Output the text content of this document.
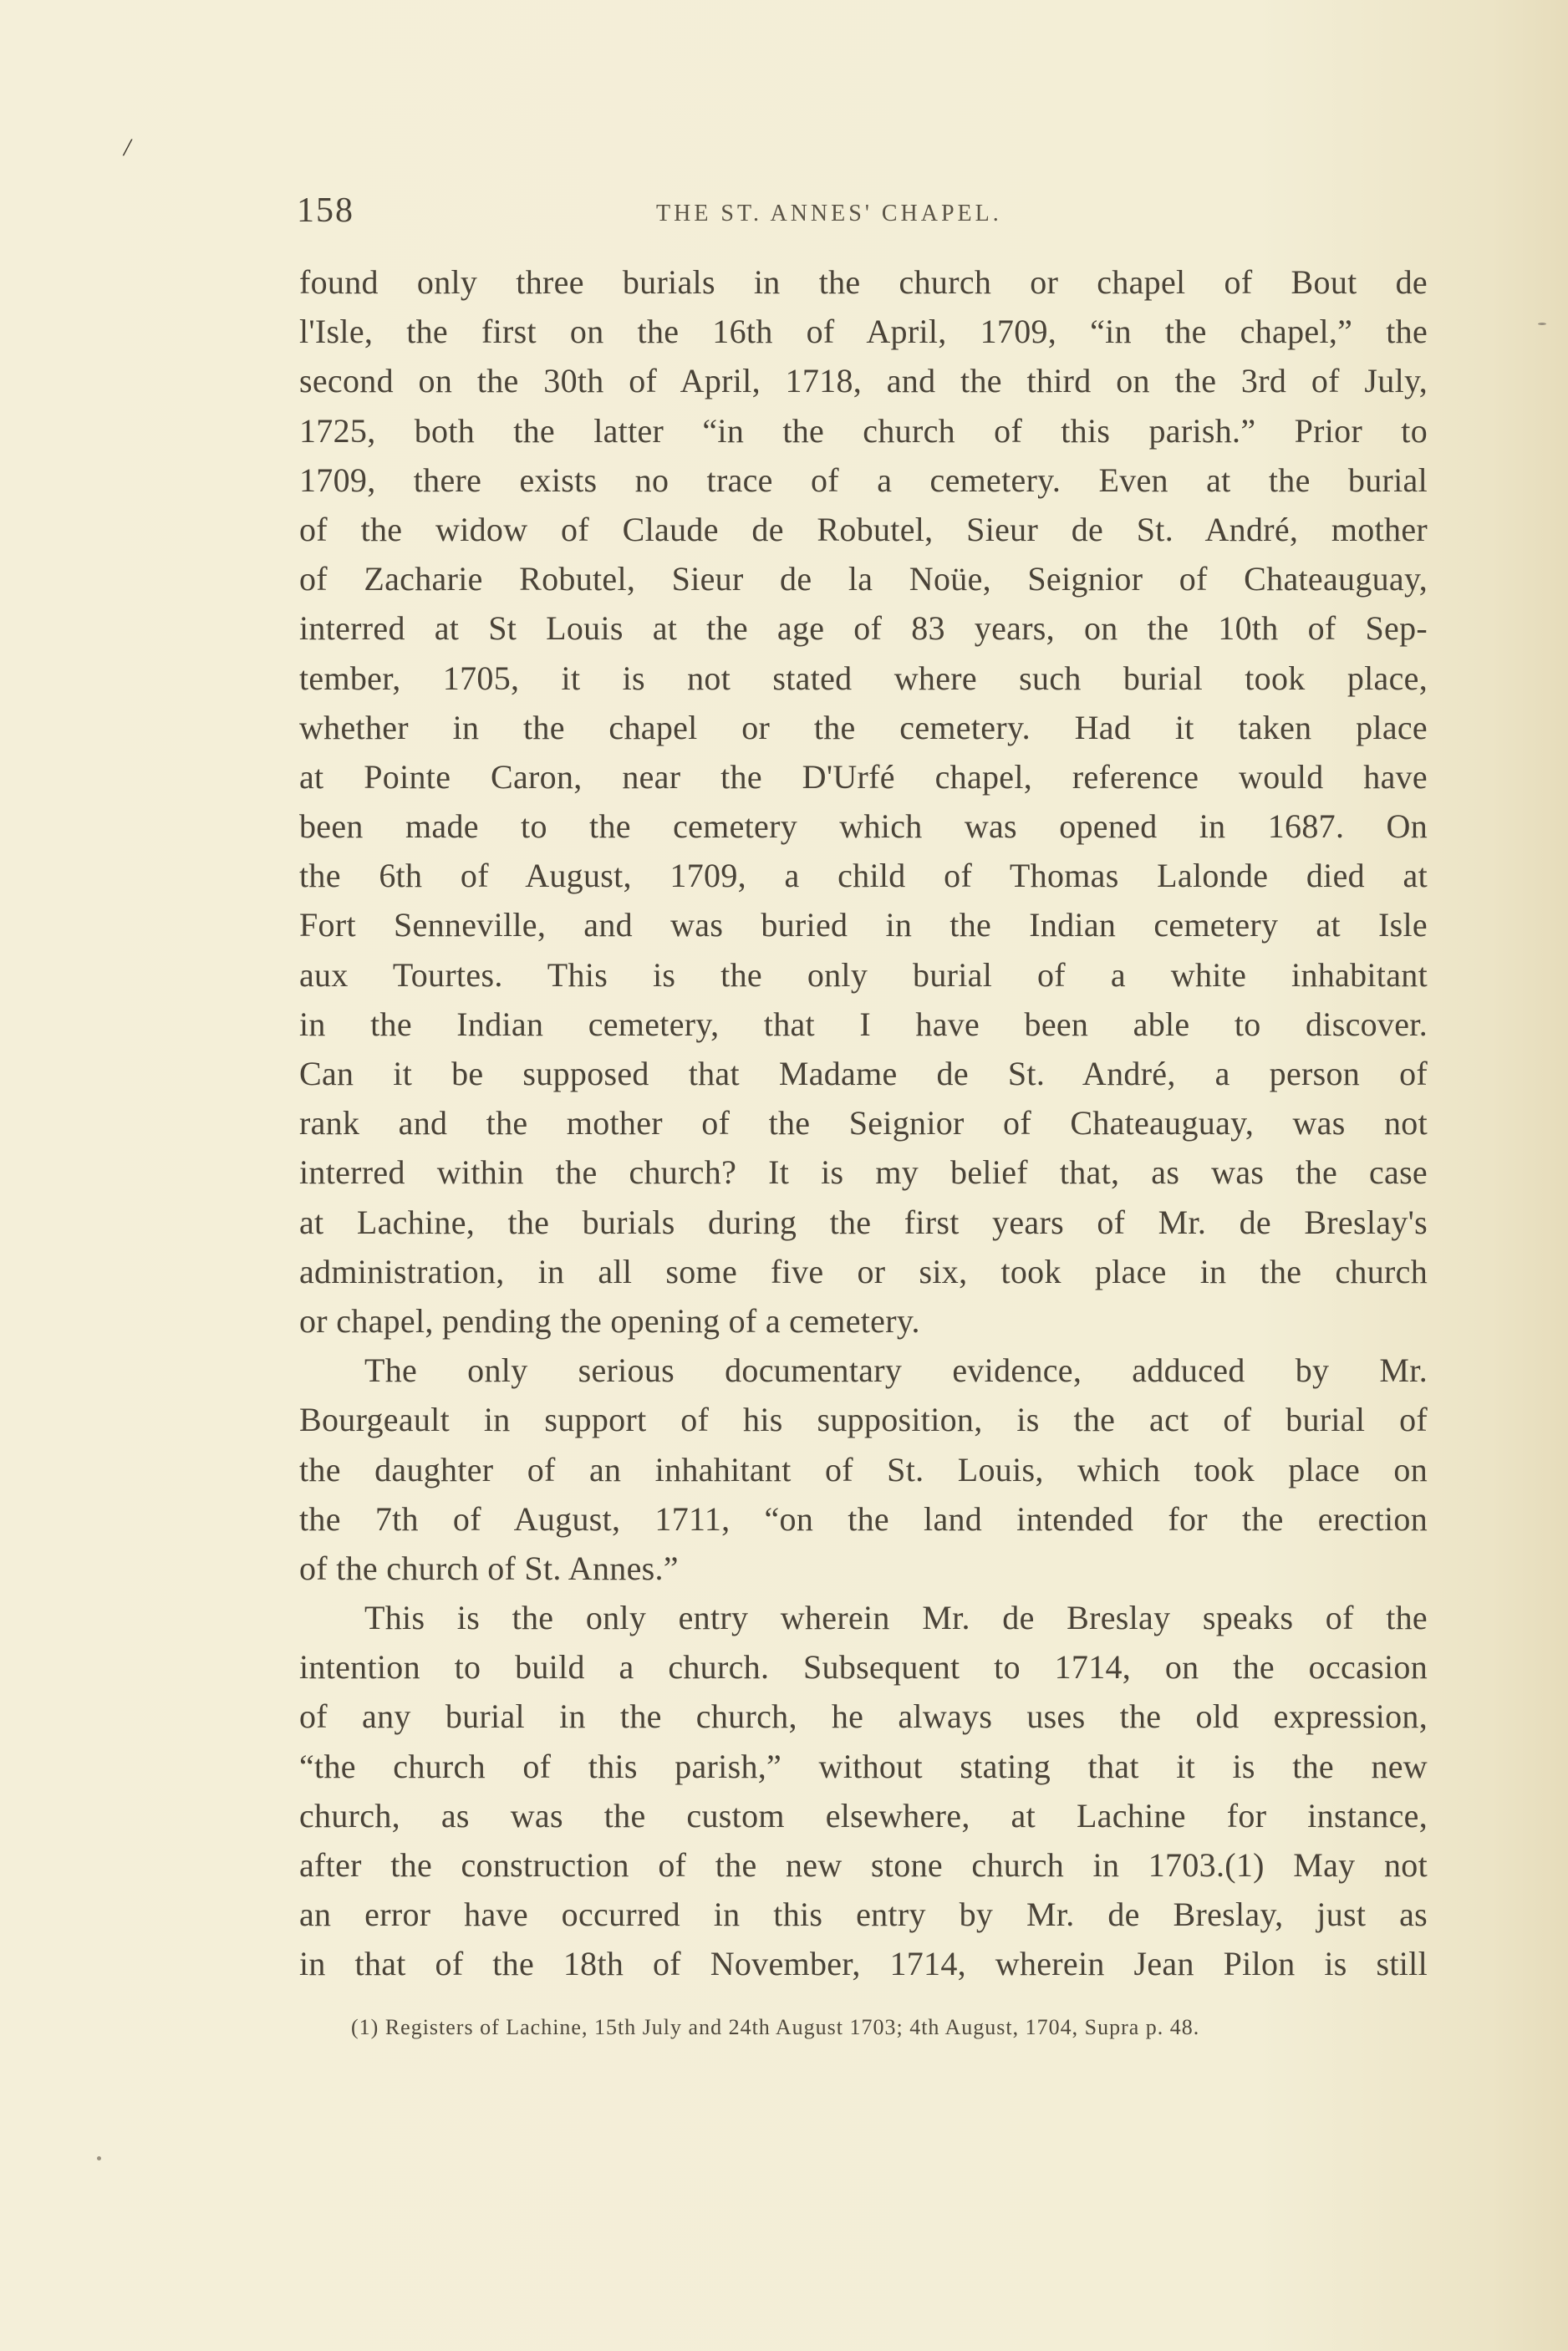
/
158	THE ST. ANNES' CHAPEL.
found only three burials in the church or chapel of Bout de
l'Isle, the first on the 16th of April, 1709, “in the chapel,” the
second on the 30th of April, 1718, and the third on the 3rd of July,
1725, both the latter “in the church of this parish.” Prior to
1709, there exists no trace of a cemetery. Even at the burial
of the widow of Claude de Robutel, Sieur de St. André, mother
of Zacharie Robutel, Sieur de la Noüe, Seignior of Chateauguay,
interred at St Louis at the age of 83 years, on the 10th of Sep-
tember, 1705, it is not stated where such burial took place,
whether in the chapel or the cemetery. Had it taken place
at Pointe Caron, near the D'Urfé chapel, reference would have
been made to the cemetery which was opened in 1687. On
the 6th of August, 1709, a child of Thomas Lalonde died at
Fort Senneville, and was buried in the Indian cemetery at Isle
aux Tourtes. This is the only burial of a white inhabitant
in the Indian cemetery, that I have been able to discover.
Can it be supposed that Madame de St. André, a person of
rank and the mother of the Seignior of Chateauguay, was not
interred within the church? It is my belief that, as was the case
at Lachine, the burials during the first years of Mr. de Breslay's
administration, in all some five or six, took place in the church
or chapel, pending the opening of a cemetery.
The only serious documentary evidence, adduced by Mr.
Bourgeault in support of his supposition, is the act of burial of
the daughter of an inhahitant of St. Louis, which took place on
the 7th of August, 1711, “on the land intended for the erection
of the church of St. Annes.”
This is the only entry wherein Mr. de Breslay speaks of the
intention to build a church. Subsequent to 1714, on the occasion
of any burial in the church, he always uses the old expression,
“the church of this parish,” without stating that it is the new
church, as was the custom elsewhere, at Lachine for instance,
after the construction of the new stone church in 1703.(1) May not
an error have occurred in this entry by Mr. de Breslay, just as
in that of the 18th of November, 1714, wherein Jean Pilon is still
(1) Registers of Lachine, 15th July and 24th August 1703; 4th August, 1704, Supra p. 48.
